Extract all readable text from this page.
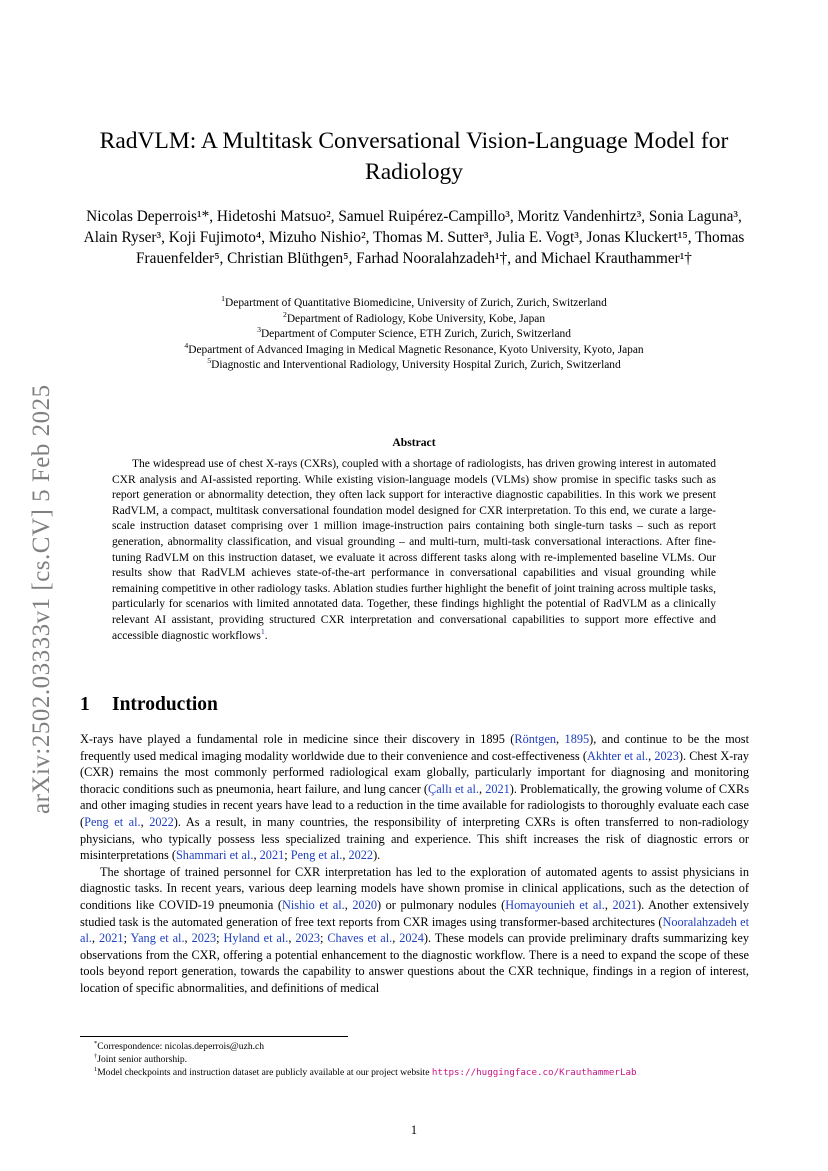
arXiv:2502.03333v1 [cs.CV] 5 Feb 2025
RadVLM: A Multitask Conversational Vision-Language Model for Radiology
Nicolas Deperrois¹*, Hidetoshi Matsuo², Samuel Ruipérez-Campillo³, Moritz Vandenhirtz³, Sonia Laguna³, Alain Ryser³, Koji Fujimoto⁴, Mizuho Nishio², Thomas M. Sutter³, Julia E. Vogt³, Jonas Kluckert¹⁵, Thomas Frauenfelder⁵, Christian Blüthgen⁵, Farhad Nooralahzadeh¹†, and Michael Krauthammer¹†
$^1$Department of Quantitative Biomedicine, University of Zurich, Zurich, Switzerland
$^2$Department of Radiology, Kobe University, Kobe, Japan
$^3$Department of Computer Science, ETH Zurich, Zurich, Switzerland
$^4$Department of Advanced Imaging in Medical Magnetic Resonance, Kyoto University, Kyoto, Japan
$^5$Diagnostic and Interventional Radiology, University Hospital Zurich, Zurich, Switzerland
Abstract
The widespread use of chest X-rays (CXRs), coupled with a shortage of radiologists, has driven growing interest in automated CXR analysis and AI-assisted reporting. While existing vision-language models (VLMs) show promise in specific tasks such as report generation or abnormality detection, they often lack support for interactive diagnostic capabilities. In this work we present RadVLM, a compact, multitask conversational foundation model designed for CXR interpretation. To this end, we curate a large-scale instruction dataset comprising over 1 million image-instruction pairs containing both single-turn tasks – such as report generation, abnormality classification, and visual grounding – and multi-turn, multi-task conversational interactions. After fine-tuning RadVLM on this instruction dataset, we evaluate it across different tasks along with re-implemented baseline VLMs. Our results show that RadVLM achieves state-of-the-art performance in conversational capabilities and visual grounding while remaining competitive in other radiology tasks. Ablation studies further highlight the benefit of joint training across multiple tasks, particularly for scenarios with limited annotated data. Together, these findings highlight the potential of RadVLM as a clinically relevant AI assistant, providing structured CXR interpretation and conversational capabilities to support more effective and accessible diagnostic workflows$^1$.
1 Introduction

X-rays have played a fundamental role in medicine since their discovery in 1895 (Röntgen, 1895), and continue to be the most frequently used medical imaging modality worldwide due to their convenience and cost-effectiveness (Akhter et al., 2023). Chest X-ray (CXR) remains the most commonly performed radiological exam globally, particularly important for diagnosing and monitoring thoracic conditions such as pneumonia, heart failure, and lung cancer (Çallı et al., 2021). Problematically, the growing volume of CXRs and other imaging studies in recent years have lead to a reduction in the time available for radiologists to thoroughly evaluate each case (Peng et al., 2022). As a result, in many countries, the responsibility of interpreting CXRs is often transferred to non-radiology physicians, who typically possess less specialized training and experience. This shift increases the risk of diagnostic errors or misinterpretations (Shammari et al., 2021; Peng et al., 2022).

The shortage of trained personnel for CXR interpretation has led to the exploration of automated agents to assist physicians in diagnostic tasks. In recent years, various deep learning models have shown promise in clinical applications, such as the detection of conditions like COVID-19 pneumonia (Nishio et al., 2020) or pulmonary nodules (Homayounieh et al., 2021). Another extensively studied task is the automated generation of free text reports from CXR images using transformer-based architectures (Nooralahzadeh et al., 2021; Yang et al., 2023; Hyland et al., 2023; Chaves et al., 2024). These models can provide preliminary drafts summarizing key observations from the CXR, offering a potential enhancement to the diagnostic workflow. There is a need to expand the scope of these tools beyond report generation, towards the capability to answer questions about the CXR technique, findings in a region of interest, location of specific abnormalities, and definitions of medical

*Correspondence: nicolas.deperrois@uzh.ch

†Joint senior authorship.

$^1$Model checkpoints and instruction dataset are publicly available at our project website https://huggingface.co/KrauthammerLab

1
